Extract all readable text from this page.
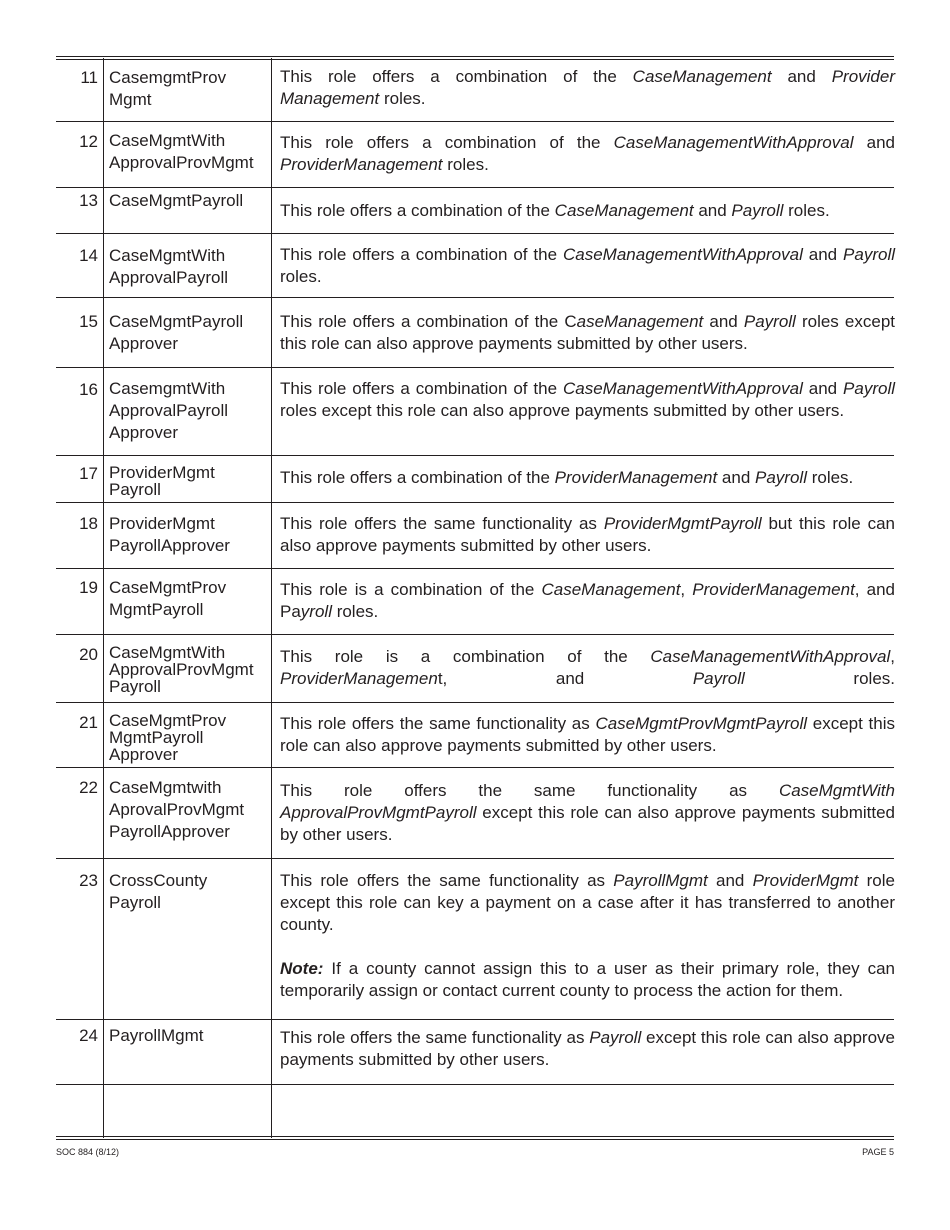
11 CasemgmtProv
Mgmt

This role offers a combination of the CaseManagement and Provider Management roles.

12 CaseMgmtWith
ApprovalProvMgmt

This role offers a combination of the CaseManagementWithApproval and ProviderManagement roles.

13 CaseMgmtPayroll

This role offers a combination of the CaseManagement and Payroll roles.

14 CaseMgmtWith
ApprovalPayroll

This role offers a combination of the CaseManagementWithApproval and Payroll roles.

15 CaseMgmtPayroll
Approver

This role offers a combination of the CaseManagement and Payroll roles except this role can also approve payments submitted by other users.

16 CasemgmtWith
ApprovalPayroll
Approver

This role offers a combination of the CaseManagementWithApproval and Payroll roles except this role can also approve payments submitted by other users.

17 ProviderMgmt
Payroll

This role offers a combination of the ProviderManagement and Payroll roles.

18 ProviderMgmt
PayrollApprover

This role offers the same functionality as ProviderMgmtPayroll but this role can also approve payments submitted by other users.

19 CaseMgmtProv
MgmtPayroll

This role is a combination of the CaseManagement, ProviderManagement, and Payroll roles.

20 CaseMgmtWith
ApprovalProvMgmt
Payroll

This role is a combination of the CaseManagementWithApproval, ProviderManagement, and Payroll roles.

21 CaseMgmtProv
MgmtPayroll
Approver

This role offers the same functionality as CaseMgmtProvMgmtPayroll except this role can also approve payments submitted by other users.

22 CaseMgmtwith
AprovalProvMgmt
PayrollApprover

This role offers the same functionality as CaseMgmtWith ApprovalProvMgmtPayroll except this role can also approve payments submitted by other users.

23 CrossCounty
Payroll

This role offers the same functionality as PayrollMgmt and ProviderMgmt role except this role can key a payment on a case after it has transferred to another county.

Note: If a county cannot assign this to a user as their primary role, they can temporarily assign or contact current county to process the action for them.

24 PayrollMgmt	This role offers the same functionality as Payroll except this role can also approve payments submitted by other users.

SOC 884 (8/12)	PAGE 5
